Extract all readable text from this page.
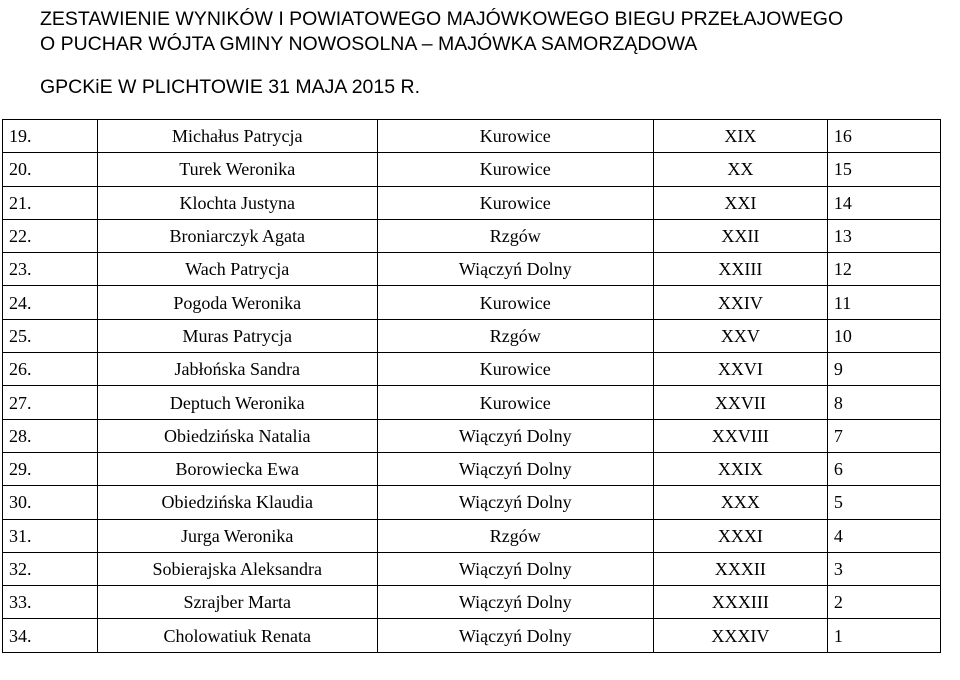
ZESTAWIENIE WYNIKÓW I POWIATOWEGO MAJÓWKOWEGO BIEGU PRZEŁAJOWEGO
O PUCHAR WÓJTA GMINY NOWOSOLNA – MAJÓWKA SAMORZĄDOWA
GPCKiE W PLICHTOWIE 31 MAJA 2015 R.
19.	Michałus Patrycja	Kurowice	XIX	16
20.	Turek Weronika	Kurowice	XX	15
21.	Klochta Justyna	Kurowice	XXI	14
22.	Broniarczyk Agata	Rzgów	XXII	13
23.	Wach Patrycja	Wiączyń Dolny	XXIII	12
24.	Pogoda Weronika	Kurowice	XXIV	11
25.	Muras Patrycja	Rzgów	XXV	10
26.	Jabłońska Sandra	Kurowice	XXVI	9
27.	Deptuch Weronika	Kurowice	XXVII	8
28.	Obiedzińska Natalia	Wiączyń Dolny	XXVIII	7
29.	Borowiecka Ewa	Wiączyń Dolny	XXIX	6
30.	Obiedzińska Klaudia	Wiączyń Dolny	XXX	5
31.	Jurga Weronika	Rzgów	XXXI	4
32.	Sobierajska Aleksandra	Wiączyń Dolny	XXXII	3
33.	Szrajber Marta	Wiączyń Dolny	XXXIII	2
34.	Cholowatiuk Renata	Wiączyń Dolny	XXXIV	1
